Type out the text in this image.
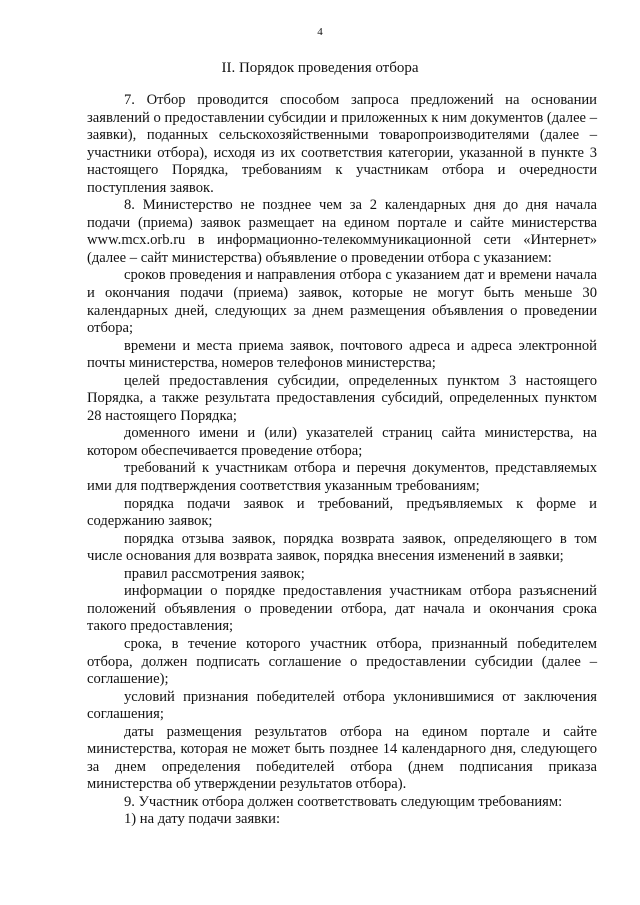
4
II. Порядок проведения отбора

7. Отбор проводится способом запроса предложений на основании заявлений о предоставлении субсидии и приложенных к ним документов (далее – заявки), поданных сельскохозяйственными товаропроизводителями (далее – участники отбора), исходя из их соответствия категории, указанной в пункте 3 настоящего Порядка, требованиям к участникам отбора и очередности поступления заявок.

8. Министерство не позднее чем за 2 календарных дня до дня начала подачи (приема) заявок размещает на едином портале и сайте министерства www.mcx.orb.ru в информационно-телекоммуникационной сети «Интернет» (далее – сайт министерства) объявление о проведении отбора с указанием:

сроков проведения и направления отбора с указанием дат и времени начала и окончания подачи (приема) заявок, которые не могут быть меньше 30 календарных дней, следующих за днем размещения объявления о проведении отбора;

времени и места приема заявок, почтового адреса и адреса электронной почты министерства, номеров телефонов министерства;

целей предоставления субсидии, определенных пунктом 3 настоящего Порядка, а также результата предоставления субсидий, определенных пунктом 28 настоящего Порядка;

доменного имени и (или) указателей страниц сайта министерства, на котором обеспечивается проведение отбора;

требований к участникам отбора и перечня документов, представляемых ими для подтверждения соответствия указанным требованиям;

порядка подачи заявок и требований, предъявляемых к форме и содержанию заявок;

порядка отзыва заявок, порядка возврата заявок, определяющего в том числе основания для возврата заявок, порядка внесения изменений в заявки;

правил рассмотрения заявок;

информации о порядке предоставления участникам отбора разъяснений положений объявления о проведении отбора, дат начала и окончания срока такого предоставления;

срока, в течение которого участник отбора, признанный победителем отбора, должен подписать соглашение о предоставлении субсидии (далее – соглашение);

условий признания победителей отбора уклонившимися от заключения соглашения;

даты размещения результатов отбора на едином портале и сайте министерства, которая не может быть позднее 14 календарного дня, следующего за днем определения победителей отбора (днем подписания приказа министерства об утверждении результатов отбора).

9. Участник отбора должен соответствовать следующим требованиям:

1) на дату подачи заявки:
